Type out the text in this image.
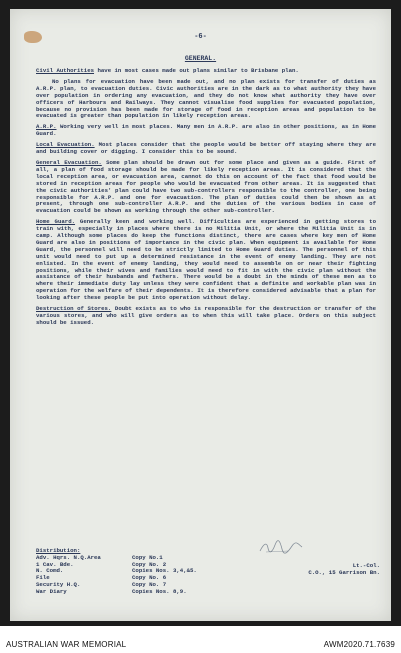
-6-
GENERAL.

Civil Authorities have in most cases made out plans similar to Brisbane plan.

No plans for evacuation have been made out, and no plan exists for transfer of duties as A.R.P. plan, to evacuation duties. Civic authorities are in the dark as to what authority they have over population in ordering any evacuation, and they do not know what authority they have over officers of Harbours and Railways. They cannot visualise food supplies for evacuated population, because no provision has been made for storage of food in reception areas and population to be evacuated is greater than population in likely reception areas.

A.R.P. Working very well in most places. Many men in A.R.P. are also in other positions, as in Home Guard.

Local Evacuation. Most places consider that the people would be better off staying where they are and building cover or digging. I consider this to be sound.

General Evacuation. Some plan should be drawn out for some place and given as a guide. First of all, a plan of food storage should be made for likely reception areas. It is considered that the local reception area, or evacuation area, cannot do this on account of the fact that food would be stored in reception areas for people who would be evacuated from other areas. It is suggested that the civic authorities' plan could have two sub-controllers responsible to the controller, one being responsible for A.R.P. and one for evacuation. The plan of duties could then be shown as at present, through one sub-controller A.R.P. and the duties of the various bodies in case of evacuation could be shown as working through the other sub-controller.

Home Guard. Generally keen and working well. Difficulties are experienced in getting stores to train with, especially in places where there is no Militia Unit, or where the Militia Unit is in camp. Although some places do keep the functions distinct, there are cases where key men of Home Guard are also in positions of importance in the civic plan. When equipment is available for Home Guard, the personnel will need to be strictly limited to Home Guard duties. The personnel of this unit would need to put up a determined resistance in the event of enemy landing. They are not enlisted. In the event of enemy landing, they would need to assemble on or near their fighting positions, while their wives and families would need to fit in with the civic plan without the assistance of their husbands and fathers. There would be a doubt in the minds of these men as to where their immediate duty lay unless they were confident that a definite and workable plan was in operation for the welfare of their dependents. It is therefore considered advisable that a plan for looking after these people be put into operation without delay.

Destruction of Stores. Doubt exists as to who is responsible for the destruction or transfer of the various stores, and who will give orders as to when this will take place. Orders on this subject should be issued.

Lt.-Col.
C.O., 15 Garrison Bn.
Distribution:
Adv. Hqrs. N.Q.Area	Copy No.1
1 Cav. Bde.	Copy No. 2
N. Comd.	Copies Nos. 3,4,&5.
File	Copy No. 6
Security H.Q.	Copy No. 7
War Diary	Copies Nos. 8,9.
AUSTRALIAN WAR MEMORIAL	AWM2020.71.7639
